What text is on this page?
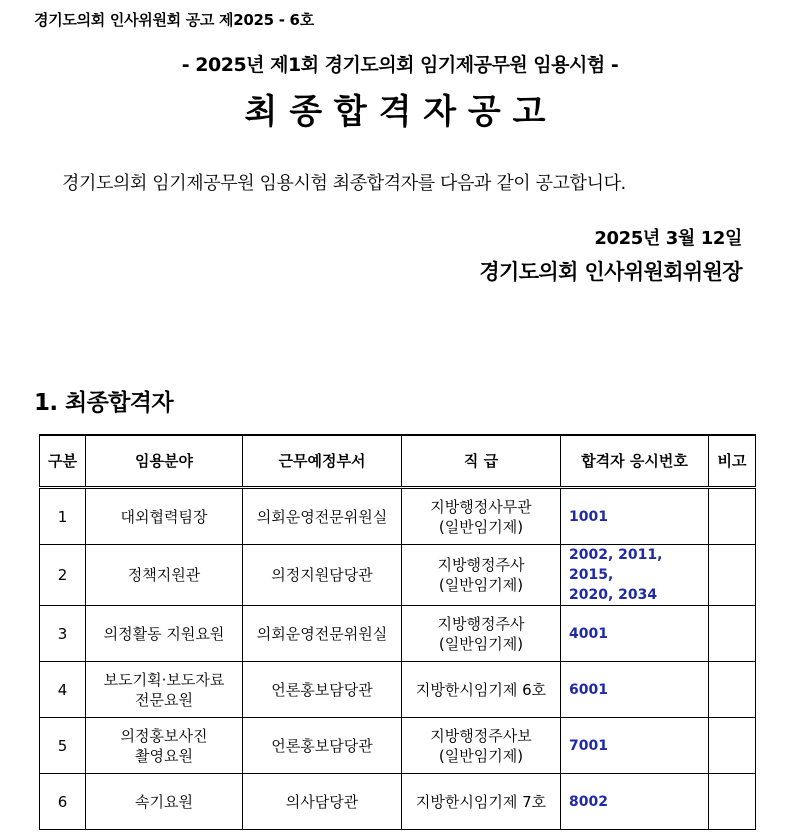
경기도의회 인사위원회 공고 제2025 - 6호
- 2025년 제1회 경기도의회 임기제공무원 임용시험 -
최 종 합 격 자 공 고
경기도의회 임기제공무원 임용시험 최종합격자를 다음과 같이 공고합니다.
2025년 3월 12일
경기도의회 인사위원회위원장
1. 최종합격자
구분	임용분야	근무예정부서	직 급	합격자 응시번호	비고
1	대외협력팀장	의회운영전문위원실	지방행정사무관
(일반임기제)	1001	
2	정책지원관	의정지원담당관	지방행정주사
(일반임기제)	2002, 2011, 2015,
2020, 2034	
3	의정활동 지원요원	의회운영전문위원실	지방행정주사
(일반임기제)	4001	
4	보도기획·보도자료
전문요원	언론홍보담당관	지방한시임기제 6호	6001	
5	의정홍보사진
촬영요원	언론홍보담당관	지방행정주사보
(일반임기제)	7001	
6	속기요원	의사담당관	지방한시임기제 7호	8002	
